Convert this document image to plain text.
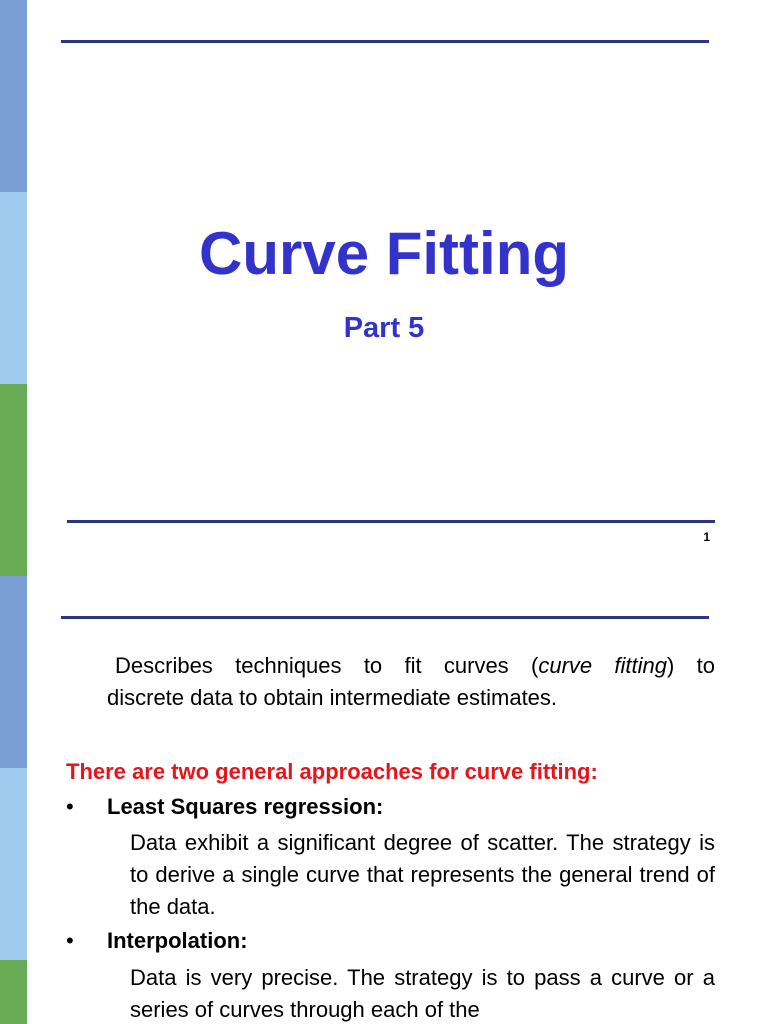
Curve Fitting
Part 5
1
Describes techniques to fit curves (curve fitting) to
discrete data to obtain intermediate estimates.
There are two general approaches for curve fitting:
• Least Squares regression:
Data exhibit a significant degree of scatter. The strategy is to derive a single curve that represents the general trend of the data.
• Interpolation:
Data is very precise. The strategy is to pass a curve or a series of curves through each of the
